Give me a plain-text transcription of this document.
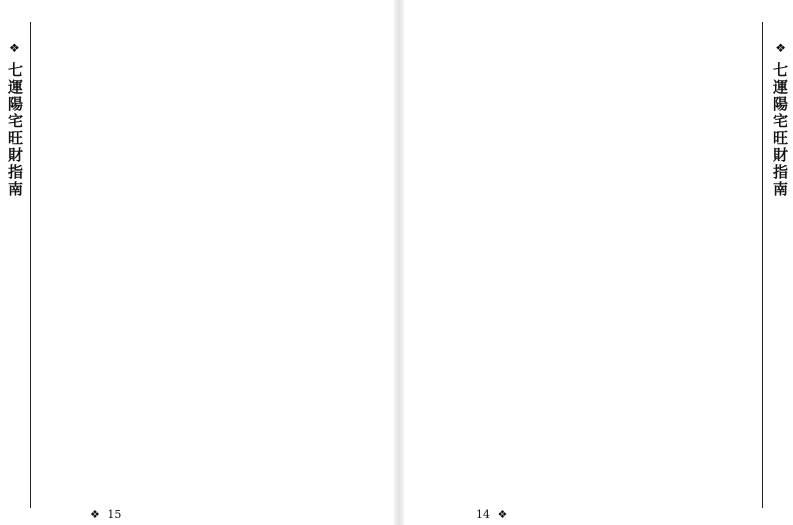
❖
七運陽宅旺財指南

❖ 15
❖
七運陽宅旺財指南

14 ❖
